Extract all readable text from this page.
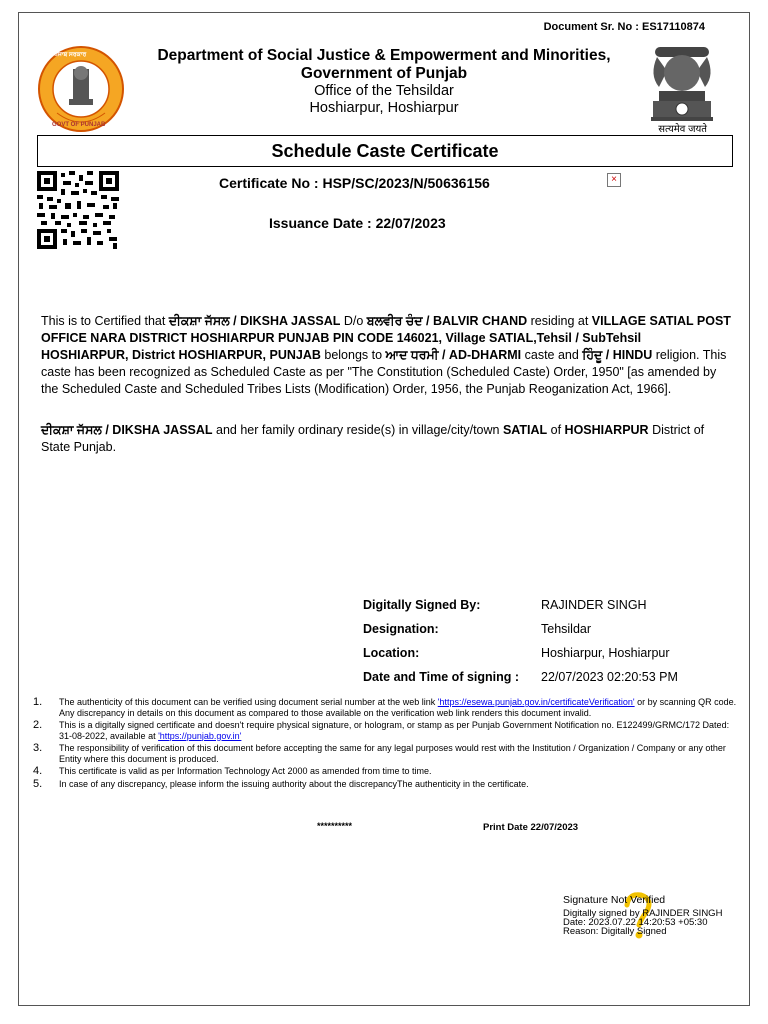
Document Sr. No : ES17110874
सत्यमेव जयते
Department of Social Justice & Empowerment and Minorities,
Government of Punjab
Office of the Tehsildar
Hoshiarpur, Hoshiarpur
Schedule Caste Certificate
Certificate No : HSP/SC/2023/N/50636156	×
Issuance Date : 22/07/2023
This is to Certified that ਦੀਕਸ਼ਾ ਜੱਸਲ / DIKSHA JASSAL D/o ਬਲਵੀਰ ਚੰਦ / BALVIR CHAND residing at VILLAGE SATIAL POST OFFICE NARA DISTRICT HOSHIARPUR PUNJAB PIN CODE 146021, Village SATIAL,Tehsil / SubTehsil HOSHIARPUR, District HOSHIARPUR, PUNJAB belongs to ਆਦ ਧਰਮੀ / AD-DHARMI caste and ਹਿੰਦੂ / HINDU religion. This caste has been recognized as Scheduled Caste as per "The Constitution (Scheduled Caste) Order, 1950" [as amended by the Scheduled Caste and Scheduled Tribes Lists (Modification) Order, 1956, the Punjab Reoganization Act, 1966].
ਦੀਕਸ਼ਾ ਜੱਸਲ / DIKSHA JASSAL and her family ordinary reside(s) in village/city/town SATIAL of HOSHIARPUR District of State Punjab.
Digitally Signed By:	RAJINDER SINGH
Designation:	Tehsildar
Location:	Hoshiarpur, Hoshiarpur
Date and Time of signing :	22/07/2023 02:20:53 PM
1.	The authenticity of this document can be verified using document serial number at the web link 'https://esewa.punjab.gov.in/certificateVerification' or by scanning QR code. Any discrepancy in details on this document as compared to those available on the verification web link renders this document invalid.
2.	This is a digitally signed certificate and doesn't require physical signature, or hologram, or stamp as per Punjab Government Notification no. E122499/GRMC/172 Dated: 31-08-2022, available at 'https://punjab.gov.in'
3.	The responsibility of verification of this document before accepting the same for any legal purposes would rest with the Institution / Organization / Company or any other Entity where this document is produced.
4.	This certificate is valid as per Information Technology Act 2000 as amended from time to time.
5.	In case of any discrepancy, please inform the issuing authority about the discrepancyThe authenticity in the certificate.
**********	Print Date 22/07/2023
Signature Not Verified
Digitally signed by RAJINDER SINGH
Date: 2023.07.22 14:20:53 +05:30
Reason: Digitally Signed
ਪੰਜਾਬ ਸਰਕਾਰ
GOVT OF PUNJAB
